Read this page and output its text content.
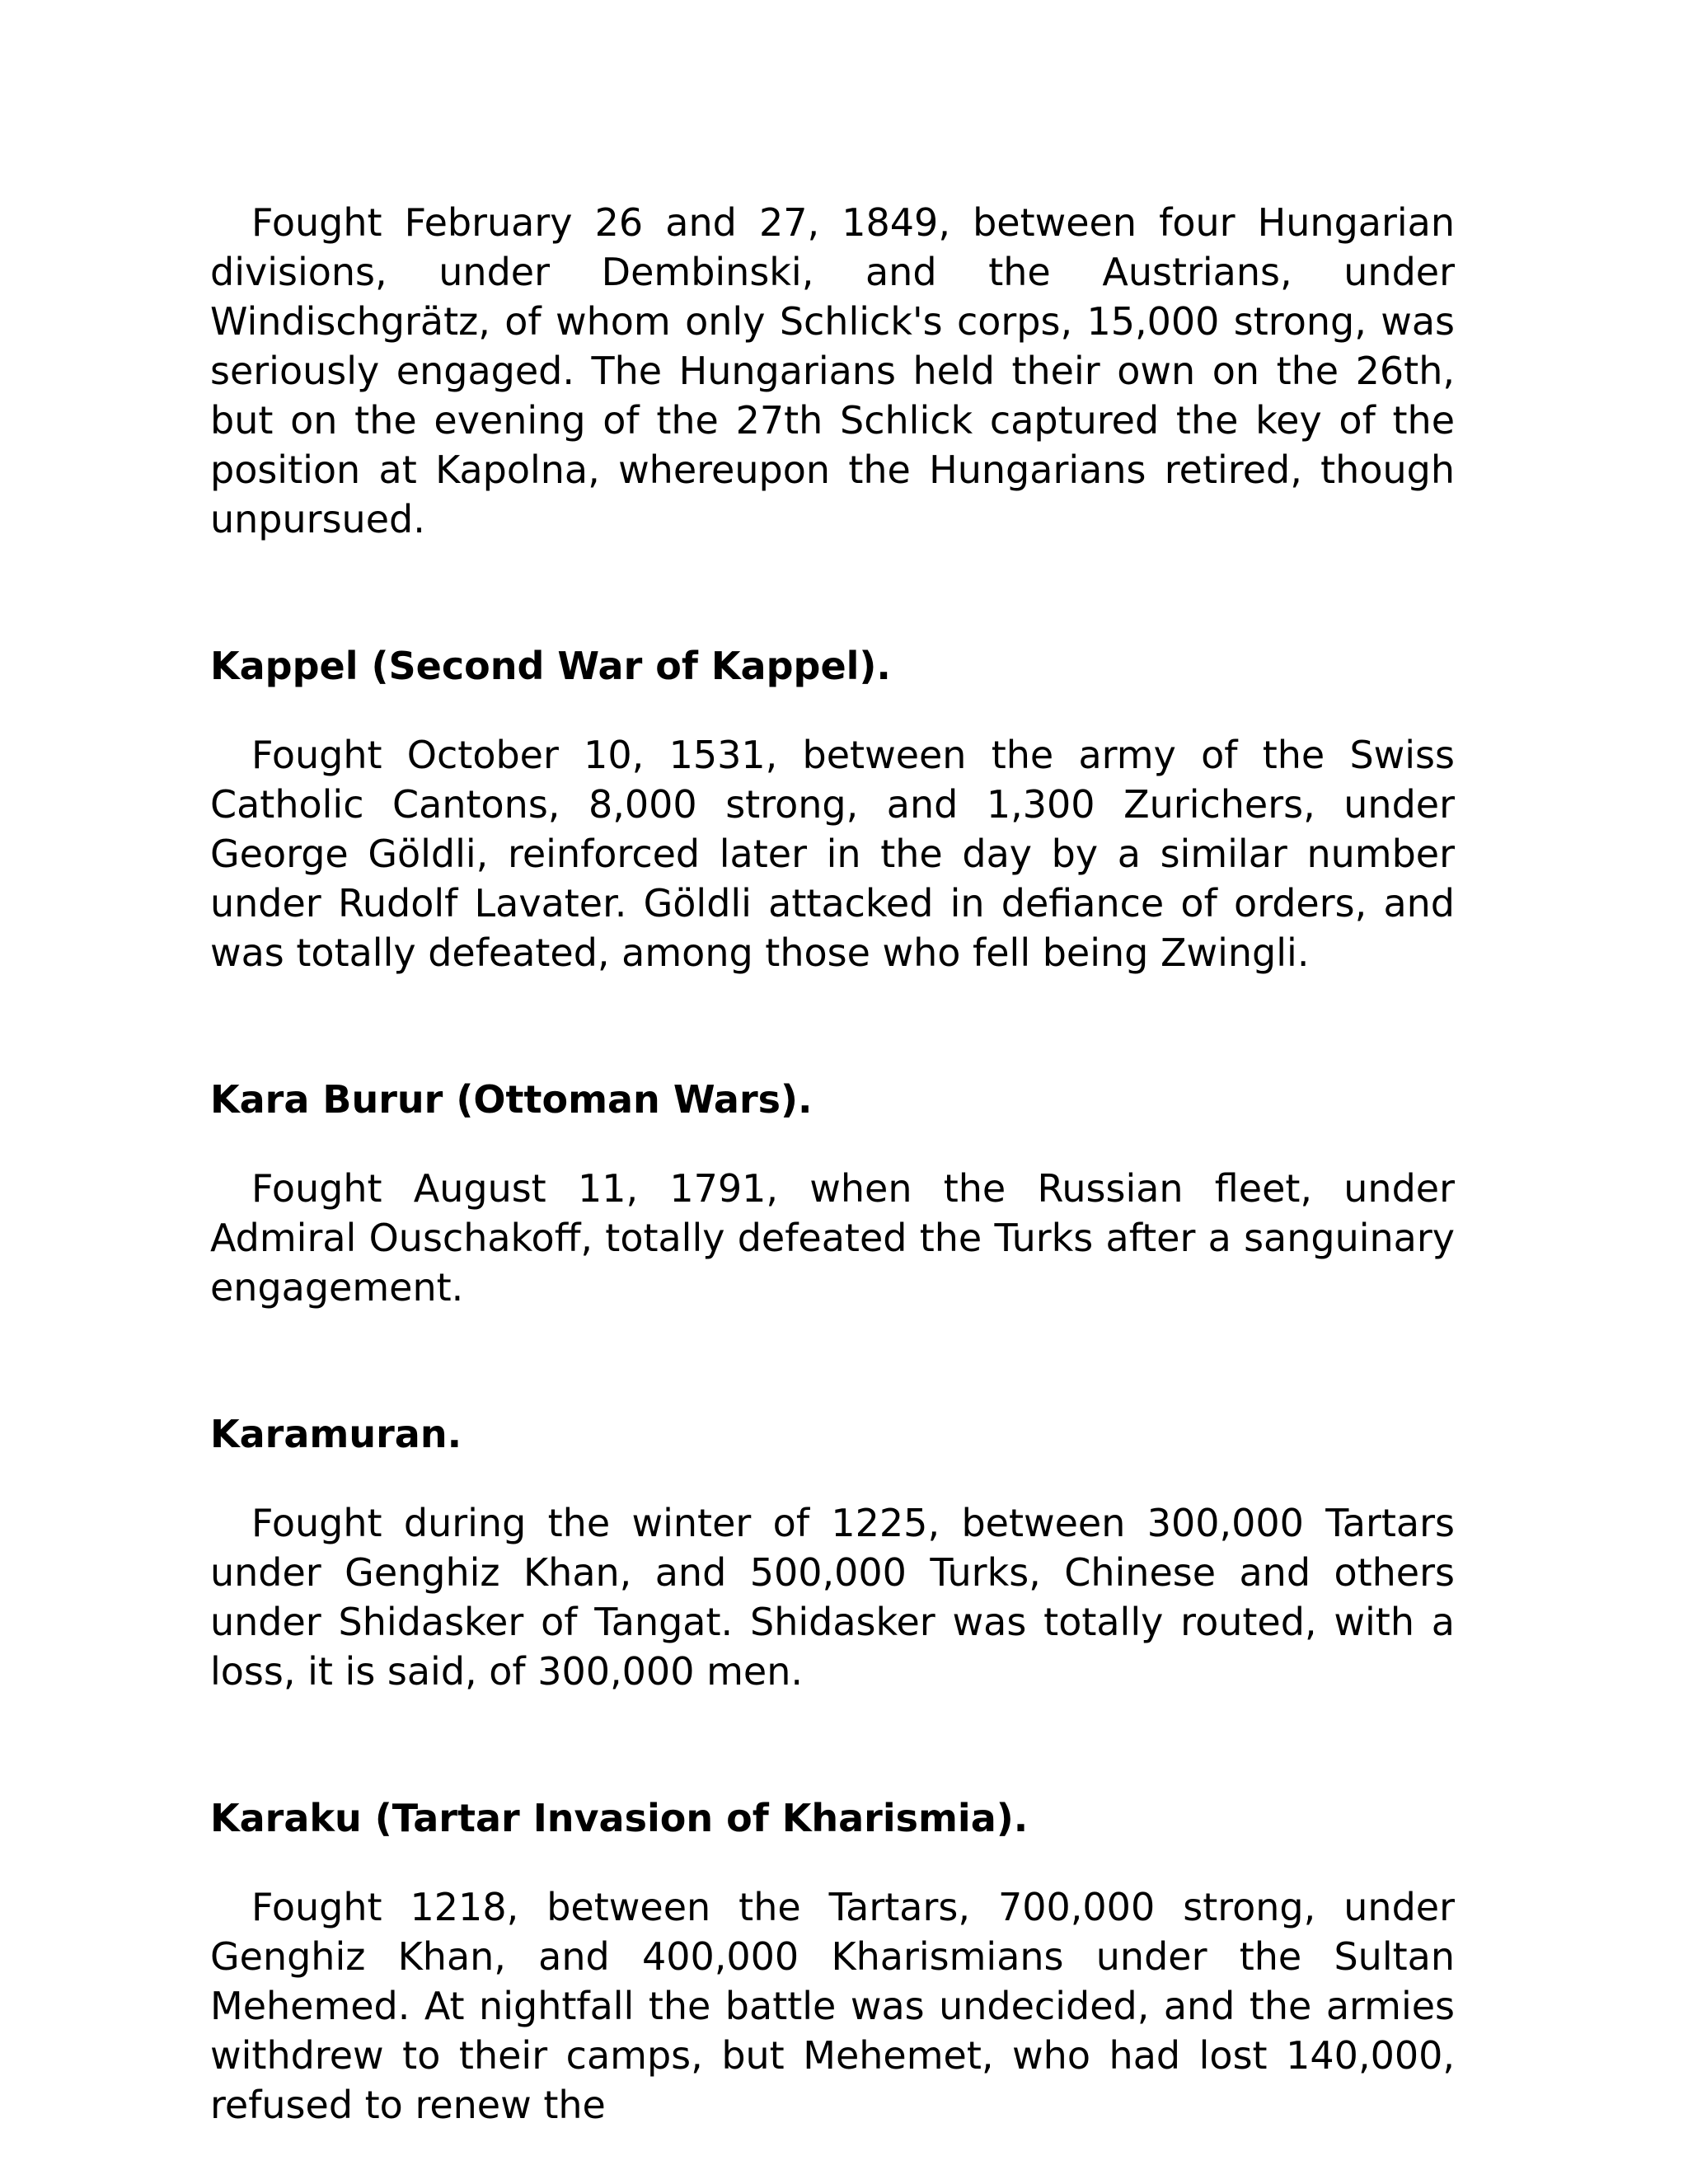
Fought February 26 and 27, 1849, between four Hungarian divisions, under Dembinski, and the Austrians, under Windischgrätz, of whom only Schlick's corps, 15,000 strong, was seriously engaged. The Hungarians held their own on the 26th, but on the evening of the 27th Schlick captured the key of the position at Kapolna, whereupon the Hungarians retired, though unpursued.

Kappel (Second War of Kappel).

Fought October 10, 1531, between the army of the Swiss Catholic Cantons, 8,000 strong, and 1,300 Zurichers, under George Göldli, reinforced later in the day by a similar number under Rudolf Lavater. Göldli attacked in defiance of orders, and was totally defeated, among those who fell being Zwingli.

Kara Burur (Ottoman Wars).

Fought August 11, 1791, when the Russian fleet, under Admiral Ouschakoff, totally defeated the Turks after a sanguinary engagement.

Karamuran.

Fought during the winter of 1225, between 300,000 Tartars under Genghiz Khan, and 500,000 Turks, Chinese and others under Shidasker of Tangat. Shidasker was totally routed, with a loss, it is said, of 300,000 men.

Karaku (Tartar Invasion of Kharismia).

Fought 1218, between the Tartars, 700,000 strong, under Genghiz Khan, and 400,000 Kharismians under the Sultan Mehemed. At nightfall the battle was undecided, and the armies withdrew to their camps, but Mehemet, who had lost 140,000, refused to renew the
